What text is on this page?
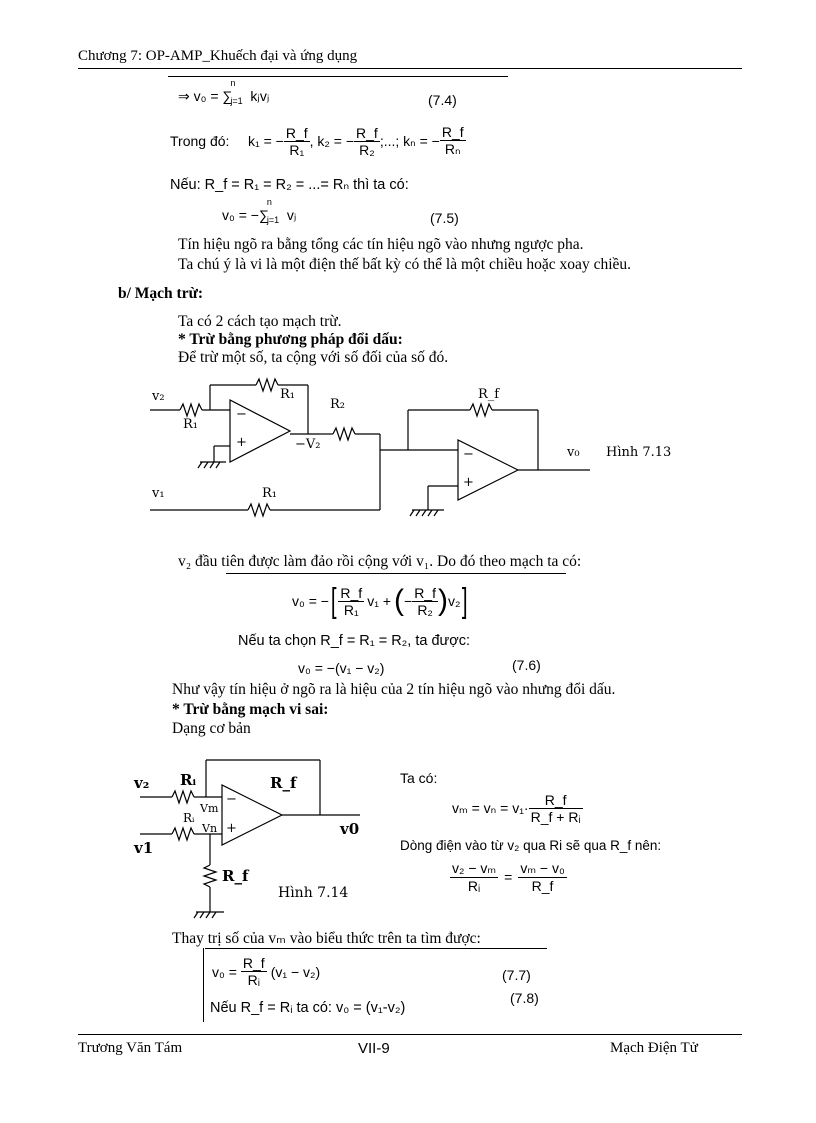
Chương 7: OP-AMP_Khuếch đại và ứng dụng
⇒ v₀ = ∑
n
j=1 kⱼvⱼ	(7.4)
Trong đó: k₁ = − $\frac{R\_f}{\text{R₁}}$ , k₂ = − $\frac{R\_f}{\text{R₂}}$ ;...; kₙ = − $\frac{R\_f}{\text{Rₙ}}$
Nếu: R_f = R₁ = R₂ = ...= Rₙ thì ta có:
v₀ = −∑
n
j=1 vⱼ	(7.5)
Tín hiệu ngõ ra bằng tổng các tín hiệu ngõ vào nhưng ngược pha.
Ta chú ý là vi là một điện thế bất kỳ có thể là một chiều hoặc xoay chiều.
b/ Mạch trừ:
Ta có 2 cách tạo mạch trừ.
* Trừ bằng phương pháp đổi dấu:
Để trừ một số, ta cộng với số đối của số đó.
v₂
R₁
R₁
R₂
−V₂
v₁	R₁
R_f
v₀ Hình 7.13
−
+
−
+
v₂ đầu tiên được làm đảo rồi cộng với v₁. Do đó theo mạch ta có:
v₀ = − [ $\frac{R\_f}{\text{R₁}} v_1$ + ( − $\frac{R\_f}{\text{R₂}}$ ) v₂ ]
Nếu ta chọn R_f = R₁ = R₂, ta được:
v₀ = −(v₁ − v₂)	(7.6)
Như vậy tín hiệu ở ngõ ra là hiệu của 2 tín hiệu ngõ vào nhưng đổi dấu.
* Trừ bằng mạch vi sai:
Dạng cơ bản
v₂ Rᵢ	R_f
Vm
Vn
Rᵢ
v0
v1
R_f
Hình 7.14
−
+
Ta có:
$v_m = v_n = v_1\cdot \frac{R\_f}{\text{R\_f + Rᵢ}}$
Dòng điện vào từ v₂ qua Ri sẽ qua R_f nên:
$\frac{\text{v₂ − vₘ}}{\text{Rᵢ}} = \frac{\text{vₘ − v₀}}{R\_f}$
Thay trị số của vₘ vào biểu thức trên ta tìm được:
$v_0 = \frac{R\_f}{\text{Rᵢ}} (v_1 - v_2)$	(7.7)
Nếu R_f = Rᵢ ta có: v₀ = (v₁-v₂)
(7.8)
Trương Văn Tám	VII-9	Mạch Điện Tử
